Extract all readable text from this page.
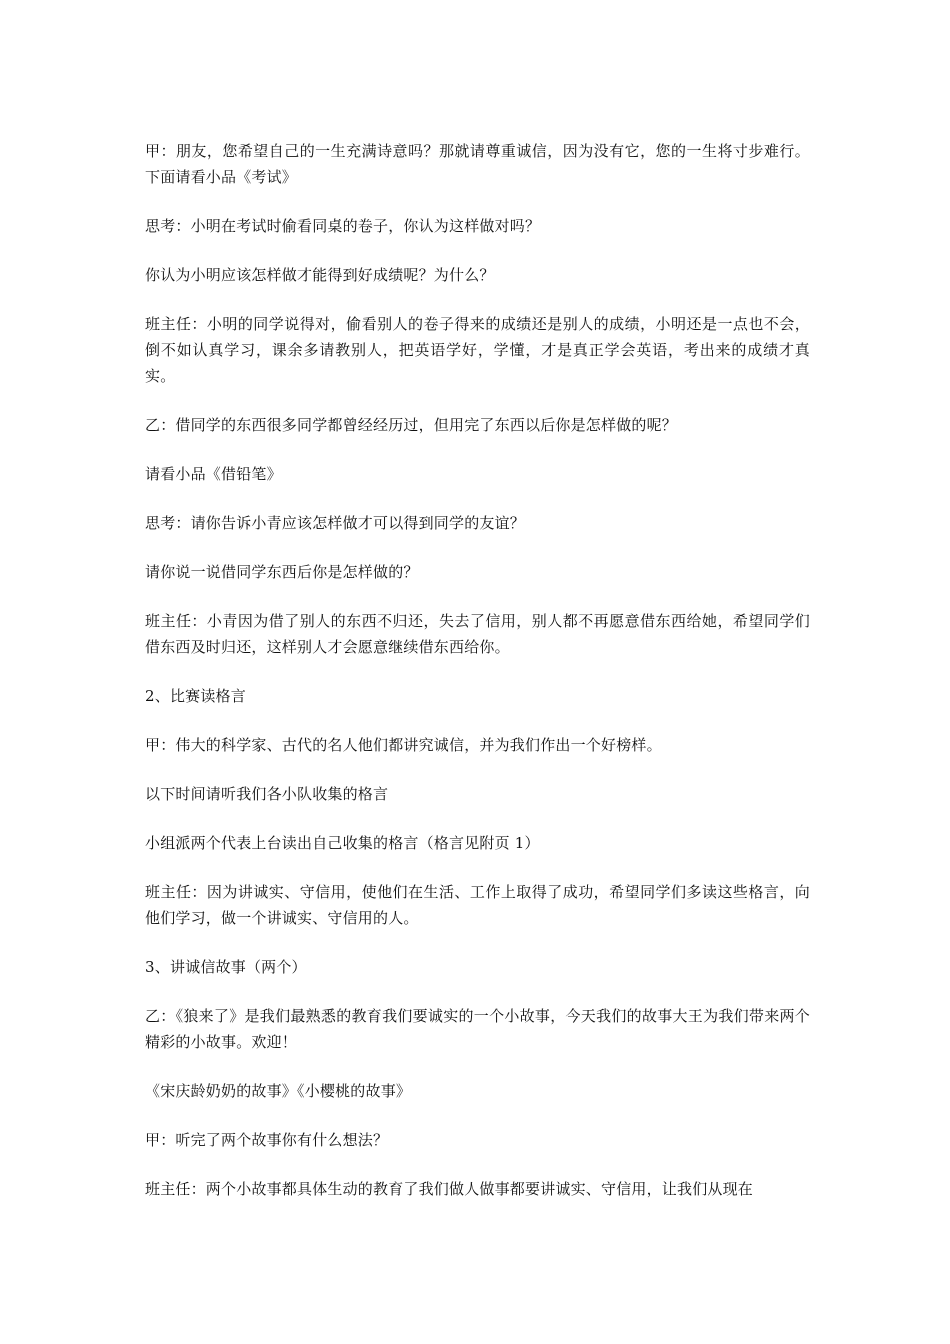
甲：朋友，您希望自己的一生充满诗意吗？那就请尊重诚信，因为没有它，您的一生将寸步难行。下面请看小品《考试》

思考：小明在考试时偷看同桌的卷子，你认为这样做对吗？

你认为小明应该怎样做才能得到好成绩呢？为什么？

班主任：小明的同学说得对，偷看别人的卷子得来的成绩还是别人的成绩，小明还是一点也不会，倒不如认真学习，课余多请教别人，把英语学好，学懂，才是真正学会英语，考出来的成绩才真实。

乙：借同学的东西很多同学都曾经经历过，但用完了东西以后你是怎样做的呢？

请看小品《借铅笔》

思考：请你告诉小青应该怎样做才可以得到同学的友谊？

请你说一说借同学东西后你是怎样做的？

班主任：小青因为借了别人的东西不归还，失去了信用，别人都不再愿意借东西给她，希望同学们借东西及时归还，这样别人才会愿意继续借东西给你。

2、比赛读格言

甲：伟大的科学家、古代的名人他们都讲究诚信，并为我们作出一个好榜样。

以下时间请听我们各小队收集的格言

小组派两个代表上台读出自己收集的格言（格言见附页 1）

班主任：因为讲诚实、守信用，使他们在生活、工作上取得了成功，希望同学们多读这些格言，向他们学习，做一个讲诚实、守信用的人。

3、讲诚信故事（两个）

乙：《狼来了》是我们最熟悉的教育我们要诚实的一个小故事，今天我们的故事大王为我们带来两个精彩的小故事。欢迎！

《宋庆龄奶奶的故事》《小樱桃的故事》

甲：听完了两个故事你有什么想法？

班主任：两个小故事都具体生动的教育了我们做人做事都要讲诚实、守信用，让我们从现在
